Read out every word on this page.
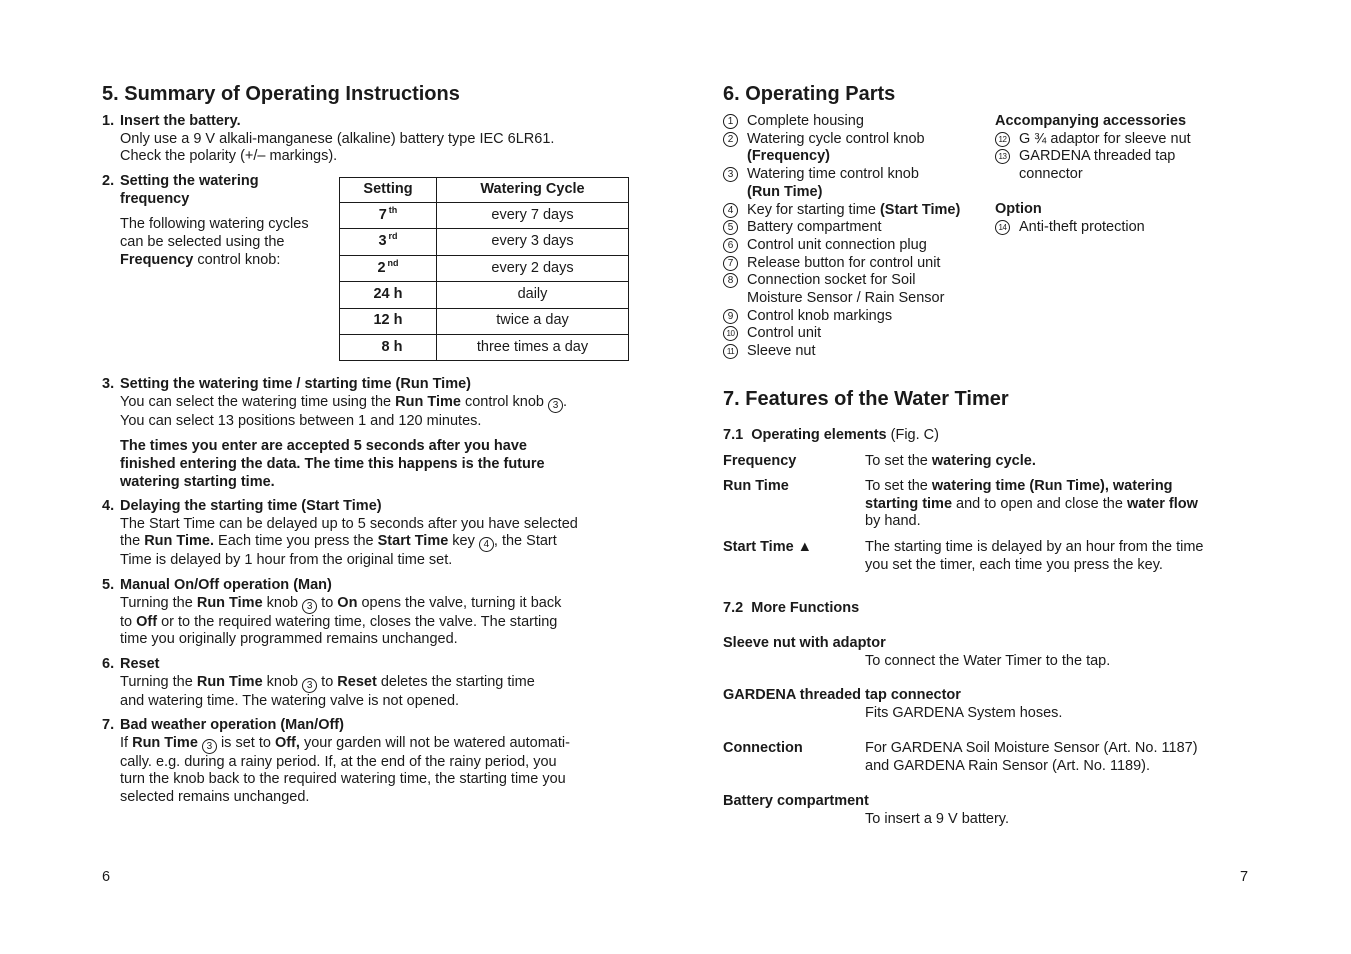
5. Summary of Operating Instructions
1. Insert the battery.
Only use a 9 V alkali-manganese (alkaline) battery type IEC 6LR61.
Check the polarity (+/– markings).
2. Setting the watering
frequency
The following watering cycles
can be selected using the
Frequency control knob:
Setting	Watering Cycle
7 $^{th}$	every 7 days
3 $^{rd}$	every 3 days
2 $^{nd}$	every 2 days
24 h	daily
12 h	twice a day
8 h	three times a day
3. Setting the watering time / starting time (Run Time)
You can select the watering time using the Run Time control knob 3 .
You can select 13 positions between 1 and 120 minutes.
The times you enter are accepted 5 seconds after you have
finished entering the data. The time this happens is the future
watering starting time.
4. Delaying the starting time (Start Time)
The Start Time can be delayed up to 5 seconds after you have selected
the Run Time. Each time you press the Start Time key 4 , the Start
Time is delayed by 1 hour from the original time set.
5. Manual On/Off operation (Man)
Turning the Run Time knob 3 to On opens the valve, turning it back
to Off or to the required watering time, closes the valve. The starting
time you originally programmed remains unchanged.
6. Reset
Turning the Run Time knob 3 to Reset deletes the starting time
and watering time. The watering valve is not opened.
7. Bad weather operation (Man/Off)
If Run Time 3 is set to Off, your garden will not be watered automati-
cally. e.g. during a rainy period. If, at the end of the rainy period, you
turn the knob back to the required watering time, the starting time you
selected remains unchanged.
6
6. Operating Parts
1 Complete housing
2 Watering cycle control knob
(Frequency)
3 Watering time control knob
(Run Time)
4 Key for starting time (Start Time)
5 Battery compartment
6 Control unit connection plug
7 Release button for control unit
8 Connection socket for Soil
Moisture Sensor / Rain Sensor
9 Control knob markings
10 Control unit
11 Sleeve nut
Accompanying accessories
12 G ¾ adaptor for sleeve nut
13 GARDENA threaded tap
connector
Option
14 Anti-theft protection
7. Features of the Water Timer
7.1 Operating elements (Fig. C)
Frequency	To set the watering cycle.
Run Time	To set the watering time (Run Time), watering
starting time and to open and close the water flow
by hand.
Start Time ▲	The starting time is delayed by an hour from the time
you set the timer, each time you press the key.
7.2 More Functions
Sleeve nut with adaptor
To connect the Water Timer to the tap.
GARDENA threaded tap connector
Fits GARDENA System hoses.
Connection	For GARDENA Soil Moisture Sensor (Art. No. 1187)
and GARDENA Rain Sensor (Art. No. 1189).
Battery compartment
To insert a 9 V battery.
7
